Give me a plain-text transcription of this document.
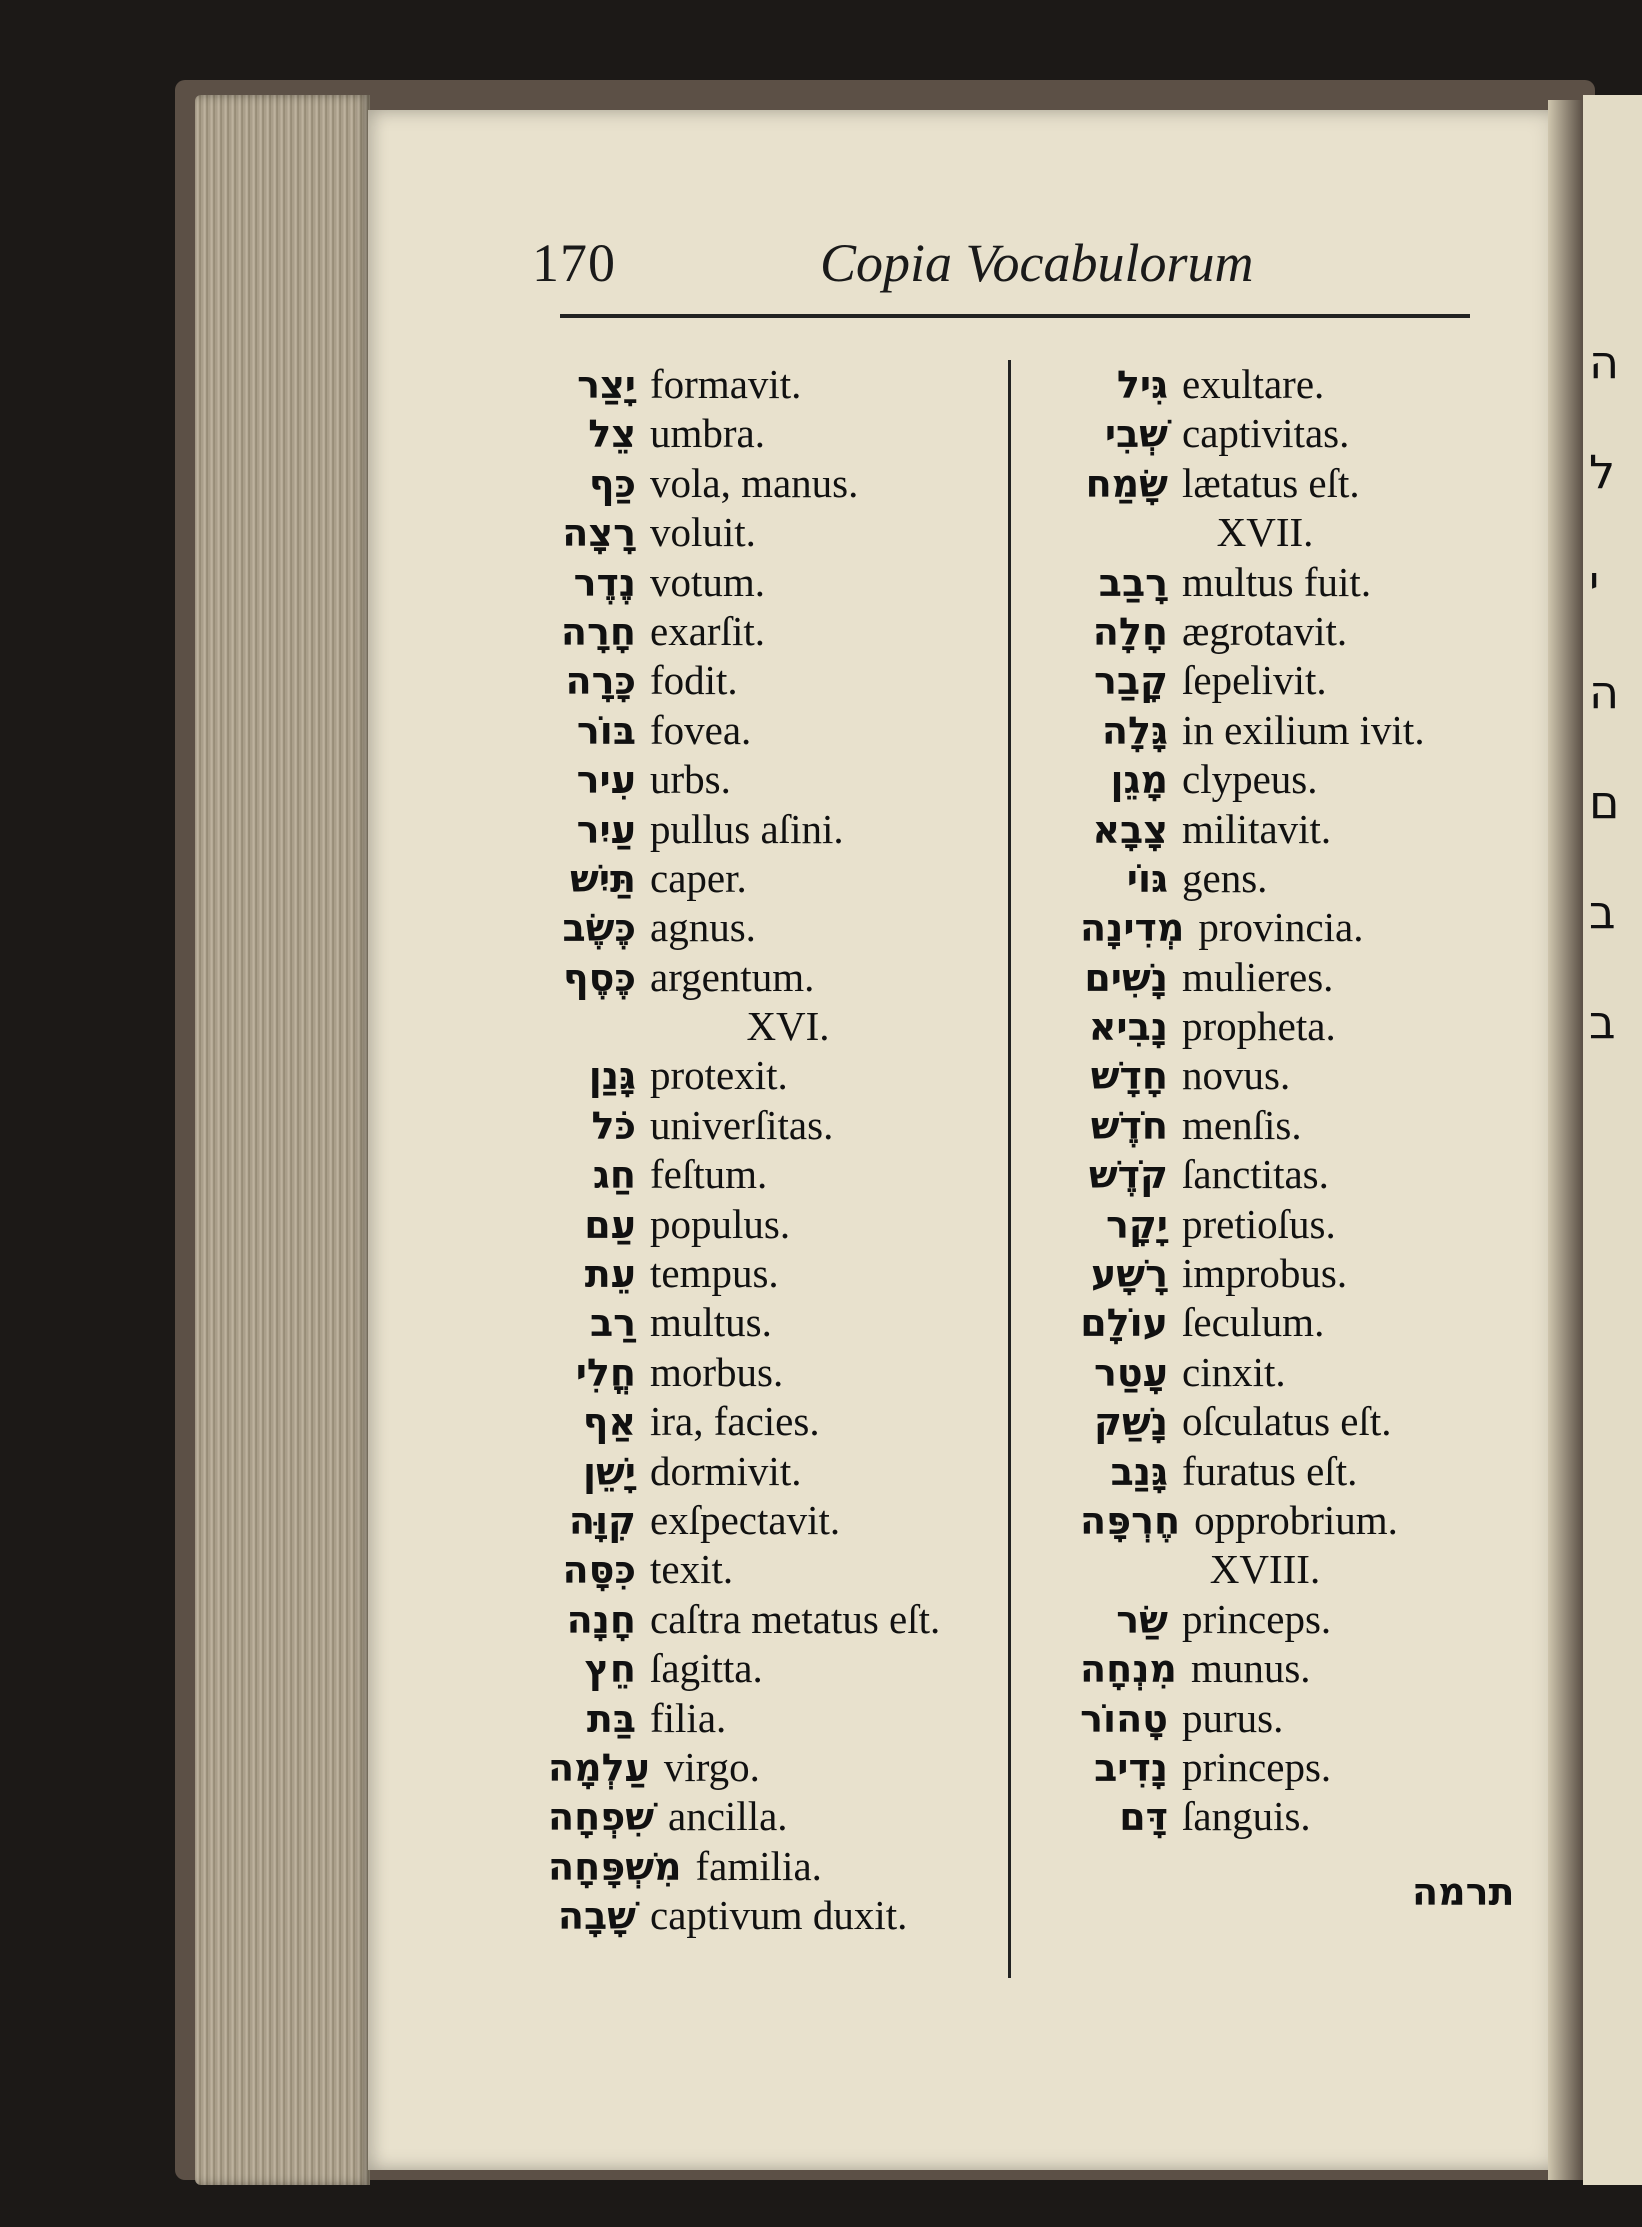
ה
ל
י
ה
ם
ב
ב
170	Copia Vocabulorum
יָצַר formavit.
צֵל umbra.
כַּף vola, manus.
רָצָה voluit.
נֶדֶר votum.
חָרָה exarſit.
כָּרָה fodit.
בּוֹר fovea.
עִיר urbs.
עַיִר pullus aſini.
תַּיִשׁ caper.
כֶּשֶׂב agnus.
כֶּסֶף argentum.
XVI.
גָּנַן protexit.
כֹּל univerſitas.
חַג feſtum.
עַם populus.
עֵת tempus.
רַב multus.
חֳלִי morbus.
אַף ira, facies.
יָשֵׁן dormivit.
קִוָּה exſpectavit.
כִּסָּה texit.
חָנָה caſtra metatus eſt.
חֵץ ſagitta.
בַּת filia.
עַלְמָה virgo.
שִׁפְחָה ancilla.
מִשְׁפָּחָה familia.
שָׁבָה captivum duxit.
גִּיל exultare.
שְׁבִי captivitas.
שָׂמַח lætatus eſt.
XVII.
רָבַב multus fuit.
חָלָה ægrotavit.
קָבַר ſepelivit.
גָּלָה in exilium ivit.
מָגֵן clypeus.
צָבָא militavit.
גּוֹי gens.
מְדִינָה provincia.
נָשִׁים mulieres.
נָבִיא propheta.
חָדָשׁ novus.
חֹדֶשׁ menſis.
קֹדֶשׁ ſanctitas.
יָקָר pretioſus.
רָשָׁע improbus.
עוֹלָם ſeculum.
עָטַר cinxit.
נָשַׁק oſculatus eſt.
גָּנַב furatus eſt.
חֶרְפָּה opprobrium.
XVIII.
שַׂר princeps.
מִנְחָה munus.
טָהוֹר purus.
נָדִיב princeps.
דָּם ſanguis.
תרמה
